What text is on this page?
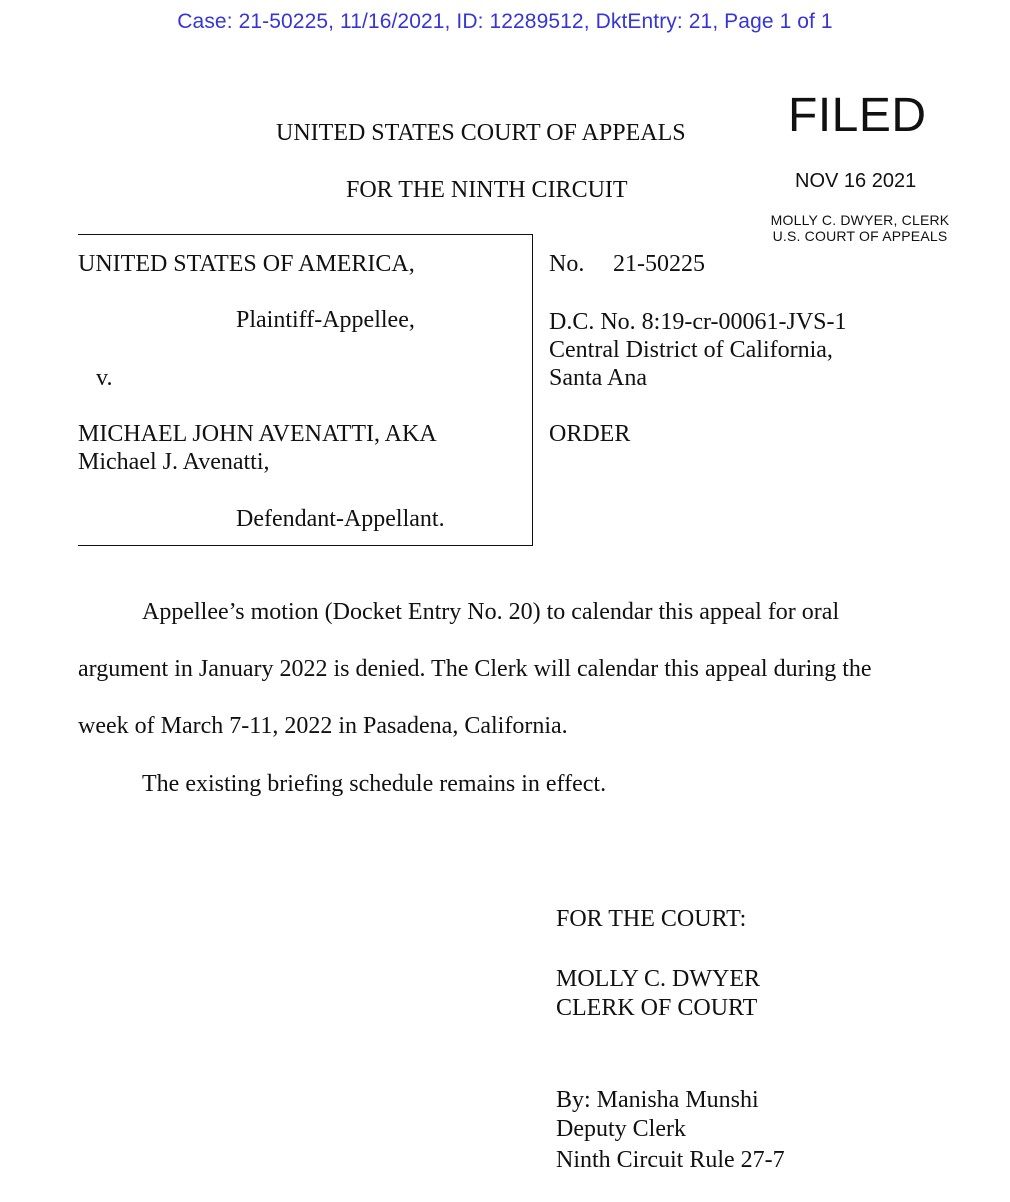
Case: 21-50225, 11/16/2021, ID: 12289512, DktEntry: 21, Page 1 of 1
UNITED STATES COURT OF APPEALS
FOR THE NINTH CIRCUIT
FILED
NOV 16 2021
MOLLY C. DWYER, CLERK
U.S. COURT OF APPEALS
UNITED STATES OF AMERICA,
Plaintiff-Appellee,
v.
MICHAEL JOHN AVENATTI, AKA
Michael J. Avenatti,
Defendant-Appellant.
No. 21-50225
D.C. No. 8:19-cr-00061-JVS-1
Central District of California,
Santa Ana
ORDER
Appellee’s motion (Docket Entry No. 20) to calendar this appeal for oral
argument in January 2022 is denied. The Clerk will calendar this appeal during the
week of March 7-11, 2022 in Pasadena, California.
The existing briefing schedule remains in effect.
FOR THE COURT:
MOLLY C. DWYER
CLERK OF COURT
By: Manisha Munshi
Deputy Clerk
Ninth Circuit Rule 27-7
